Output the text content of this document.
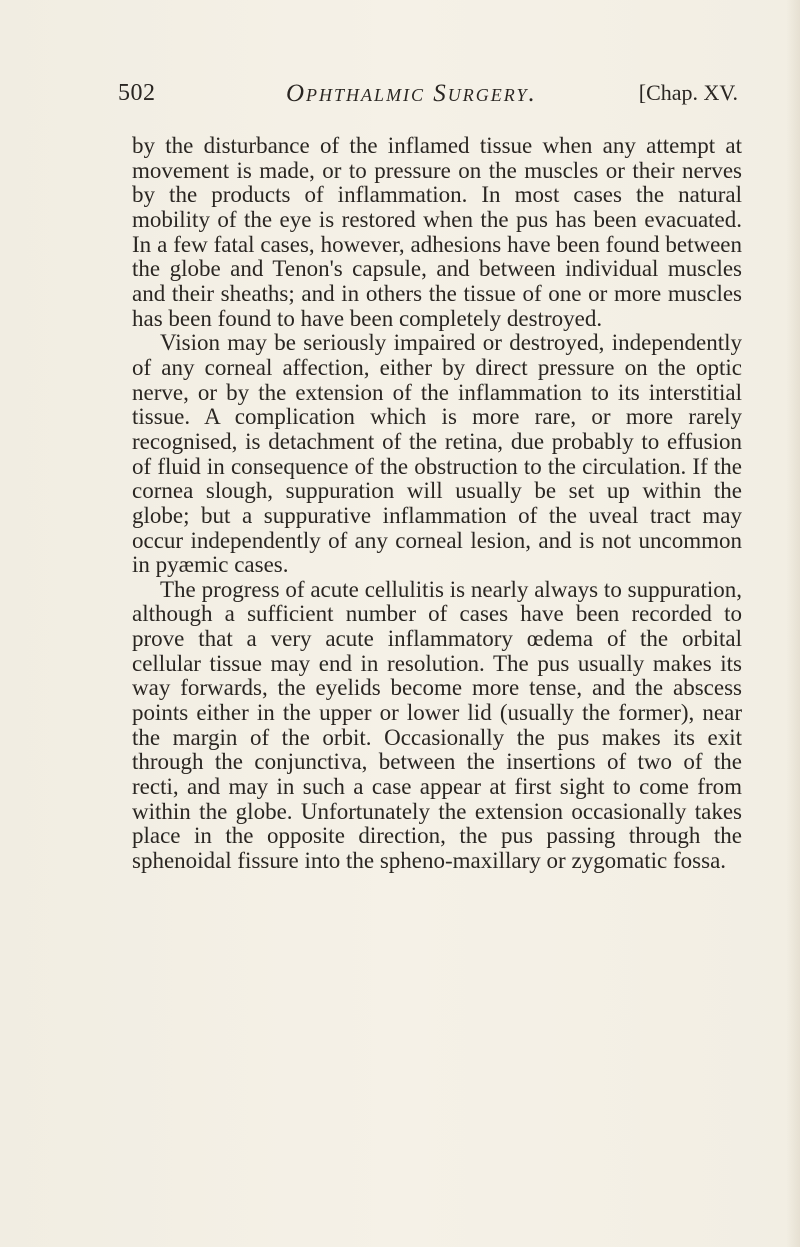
502	Ophthalmic Surgery.	[Chap. XV.

by the disturbance of the inflamed tissue when any attempt at movement is made, or to pressure on the muscles or their nerves by the products of inflammation. In most cases the natural mobility of the eye is restored when the pus has been evacuated. In a few fatal cases, however, adhesions have been found between the globe and Tenon's capsule, and between individual muscles and their sheaths; and in others the tissue of one or more muscles has been found to have been completely destroyed.

Vision may be seriously impaired or destroyed, independently of any corneal affection, either by direct pressure on the optic nerve, or by the extension of the inflammation to its interstitial tissue. A complication which is more rare, or more rarely recognised, is detachment of the retina, due probably to effusion of fluid in consequence of the obstruction to the circulation. If the cornea slough, suppuration will usually be set up within the globe; but a suppurative inflammation of the uveal tract may occur independently of any corneal lesion, and is not uncommon in pyæmic cases.

The progress of acute cellulitis is nearly always to suppuration, although a sufficient number of cases have been recorded to prove that a very acute inflammatory œdema of the orbital cellular tissue may end in resolution. The pus usually makes its way forwards, the eyelids become more tense, and the abscess points either in the upper or lower lid (usually the former), near the margin of the orbit. Occasionally the pus makes its exit through the conjunctiva, between the insertions of two of the recti, and may in such a case appear at first sight to come from within the globe. Unfortunately the extension occasionally takes place in the opposite direction, the pus passing through the sphenoidal fissure into the spheno-maxillary or zygomatic fossa.
